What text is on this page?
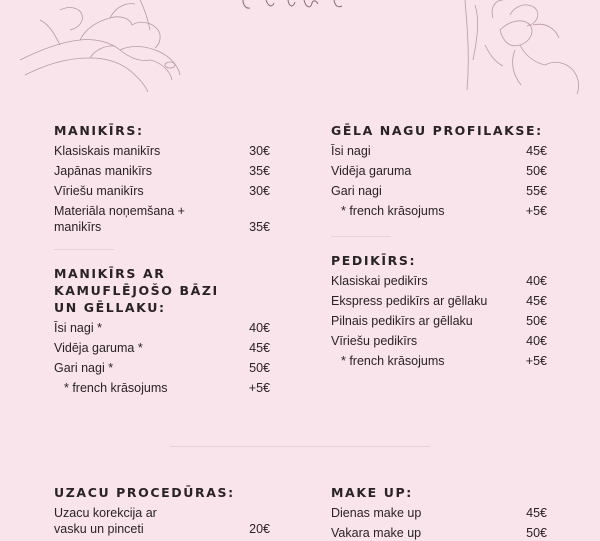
MANIKĪRS:
Klasiskais manikīrs	30€
Japānas manikīrs	35€
Vīriešu manikīrs	30€
Materiāla noņemšana +
manikīrs	35€
MANIKĪRS AR
KAMUFLĒJOŠO BĀZI
UN GĒLLAKU:
Īsi nagi *	40€
Vidēja garuma *	45€
Gari nagi *	50€
* french krāsojums	+5€
GĒLA NAGU PROFILAKSE:
Īsi nagi	45€
Vidēja garuma	50€
Gari nagi	55€
* french krāsojums	+5€
PEDIKĪRS:
Klasiskai pedikīrs	40€
Ekspress pedikīrs ar gēllaku	45€
Pilnais pedikīrs ar gēllaku	50€
Vīriešu pedikīrs	40€
* french krāsojums	+5€
UZACU PROCEDŪRAS:
Uzacu korekcija ar
vasku un pinceti	20€
MAKE UP:
Dienas make up	45€
Vakara make up	50€
